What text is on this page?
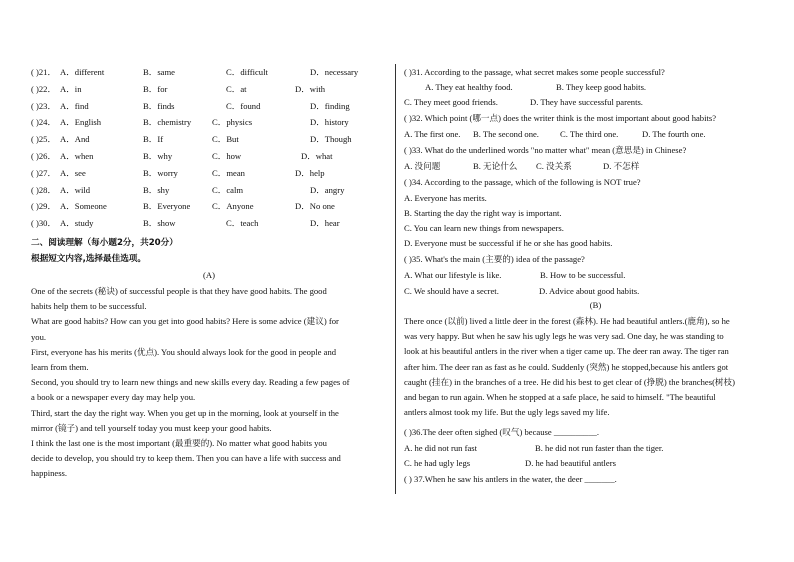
( )21． A．different	B．same	C．difficult	D．necessary
( )22． A．in	B．for	C．at	D．with
( )23． A．find	B．finds	C．found	D．finding
( )24． A．English	B．chemistry C．physics	D．history
( )25． A．And	B．If	C．But	D．Though
( )26． A．when	B．why	C．how	D．what
( )27． A．see	B．worry	C．mean	D．help
( )28． A．wild	B．shy	C．calm	D．angry
( )29． A．Someone	B．Everyone	C．Anyone	D．No one
( )30． A．study	B．show	C．teach	D．hear
二、阅读理解（每小题2分，共20分）
根据短文内容,选择最佳选项。
(A)
One of the secrets (秘诀) of successful people is that they have good habits. The good
habits help them to be successful.
What are good habits? How can you get into good habits? Here is some advice (建议) for
you.
First, everyone has his merits (优点). You should always look for the good in people and
learn from them.
Second, you should try to learn new things and new skills every day. Reading a few pages of
a book or a newspaper every day may help you.
Third, start the day the right way. When you get up in the morning, look at yourself in the
mirror (镜子) and tell yourself today you must keep your good habits.
I think the last one is the most important (最重要的). No matter what good habits you
decide to develop, you should try to keep them. Then you can have a life with success and
happiness.
( )31. According to the passage, what secret makes some people successful?
A. They eat healthy food.	B. They keep good habits.
C. They meet good friends.	D. They have successful parents.
( )32. Which point (哪一点) does the writer think is the most important about good habits?
A. The first one. B. The second one. C. The third one.	D. The fourth one.
( )33. What do the underlined words "no matter what" mean (意思是) in Chinese?
A. 没问题	B. 无论什么 C. 没关系	D. 不怎样
( )34. According to the passage, which of the following is NOT true?
A. Everyone has merits.
B. Starting the day the right way is important.
C. You can learn new things from newspapers.
D. Everyone must be successful if he or she has good habits.
( )35. What's the main (主要的) idea of the passage?
A. What our lifestyle is like.	B. How to be successful.
C. We should have a secret.	D. Advice about good habits.
(B)
There once (以前) lived a little deer in the forest (森林). He had beautiful antlers.(鹿角), so he
was very happy. But when he saw his ugly legs he was very sad. One day, he was standing to
look at his beautiful antlers in the river when a tiger came up. The deer ran away. The tiger ran
after him. The deer ran as fast as he could. Suddenly (突然) he stopped,because his antlers got
caught (挂在) in the branches of a tree. He did his best to get clear of (挣脱) the branches(树枝)
and began to run again. When he stopped at a safe place, he said to himself. "The beautiful
antlers almost took my life. But the ugly legs saved my life.
( )36.The deer often sighed (叹气) because __________.
A. he did not run fast	B. he did not run faster than the tiger.
C. he had ugly legs	D. he had beautiful antlers
( ) 37.When he saw his antlers in the water, the deer _______.
